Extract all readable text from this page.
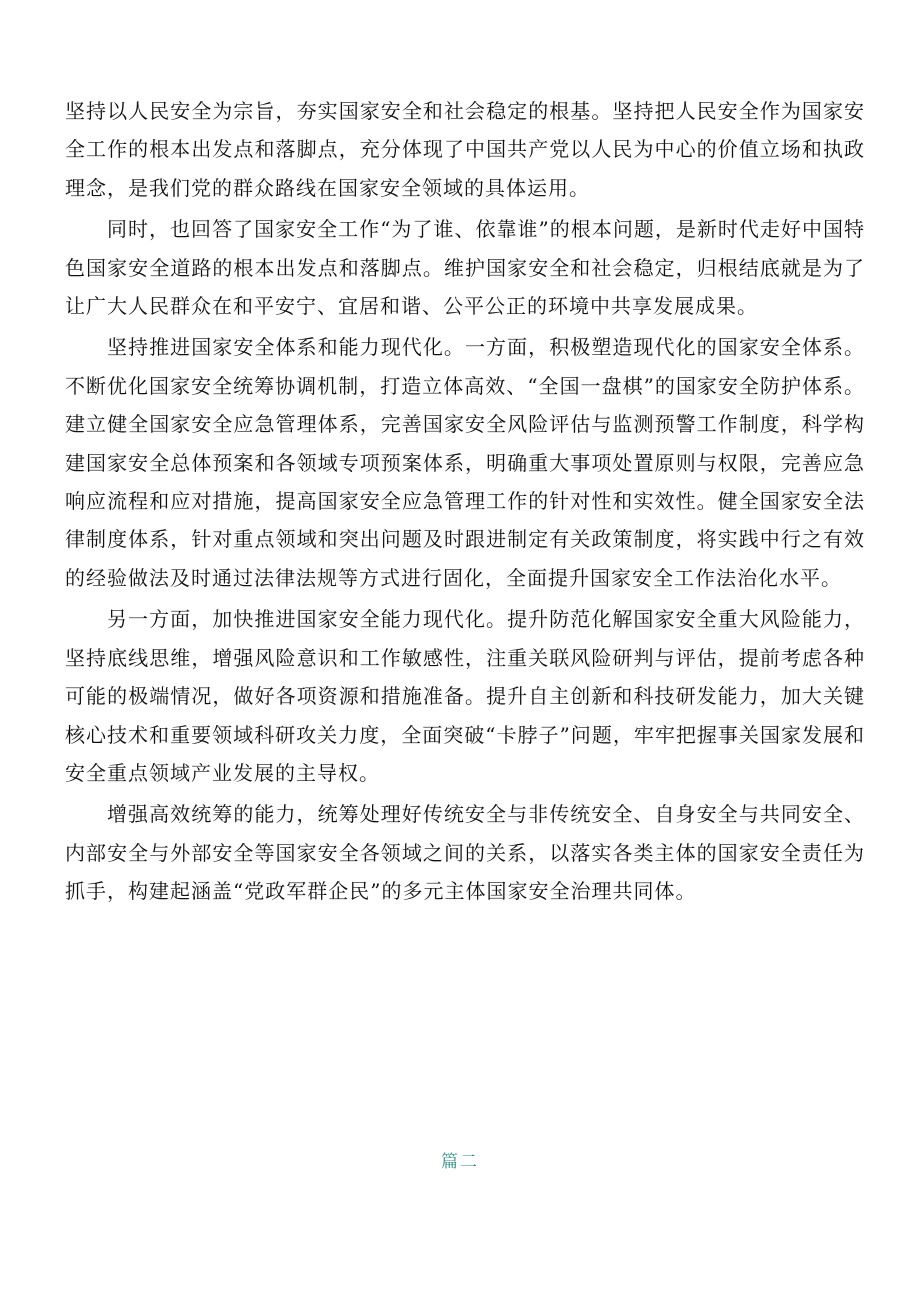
坚持以人民安全为宗旨，夯实国家安全和社会稳定的根基。坚持把人民安全作为国家安全工作的根本出发点和落脚点，充分体现了中国共产党以人民为中心的价值立场和执政理念，是我们党的群众路线在国家安全领域的具体运用。

同时，也回答了国家安全工作“为了谁、依靠谁”的根本问题，是新时代走好中国特色国家安全道路的根本出发点和落脚点。维护国家安全和社会稳定，归根结底就是为了让广大人民群众在和平安宁、宜居和谐、公平公正的环境中共享发展成果。

坚持推进国家安全体系和能力现代化。一方面，积极塑造现代化的国家安全体系。不断优化国家安全统筹协调机制，打造立体高效、“全国一盘棋”的国家安全防护体系。建立健全国家安全应急管理体系，完善国家安全风险评估与监测预警工作制度，科学构建国家安全总体预案和各领域专项预案体系，明确重大事项处置原则与权限，完善应急响应流程和应对措施，提高国家安全应急管理工作的针对性和实效性。健全国家安全法律制度体系，针对重点领域和突出问题及时跟进制定有关政策制度，将实践中行之有效的经验做法及时通过法律法规等方式进行固化，全面提升国家安全工作法治化水平。

另一方面，加快推进国家安全能力现代化。提升防范化解国家安全重大风险能力，坚持底线思维，增强风险意识和工作敏感性，注重关联风险研判与评估，提前考虑各种可能的极端情况，做好各项资源和措施准备。提升自主创新和科技研发能力，加大关键核心技术和重要领域科研攻关力度，全面突破“卡脖子”问题，牢牢把握事关国家发展和安全重点领域产业发展的主导权。

增强高效统筹的能力，统筹处理好传统安全与非传统安全、自身安全与共同安全、内部安全与外部安全等国家安全各领域之间的关系，以落实各类主体的国家安全责任为抓手，构建起涵盖“党政军群企民”的多元主体国家安全治理共同体。

篇二
